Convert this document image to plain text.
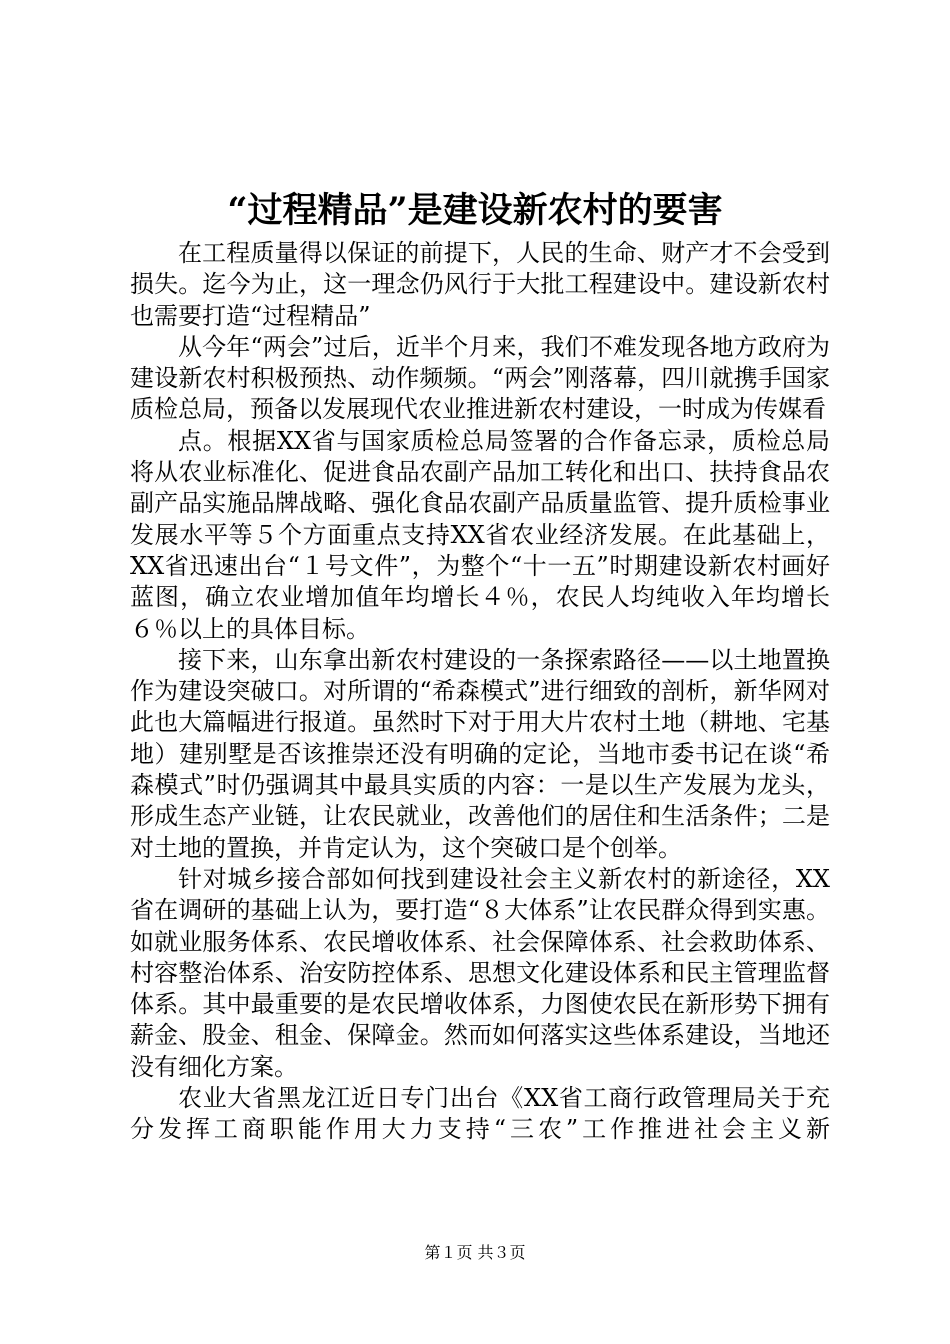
“过程精品”是建设新农村的要害

在工程质量得以保证的前提下，人民的生命、财产才不会受到损失。迄今为止，这一理念仍风行于大批工程建设中。建设新农村也需要打造“过程精品”

从今年“两会”过后，近半个月来，我们不难发现各地方政府为建设新农村积极预热、动作频频。“两会”刚落幕，四川就携手国家质检总局，预备以发展现代农业推进新农村建设，一时成为传媒看

点。根据XX省与国家质检总局签署的合作备忘录，质检总局将从农业标准化、促进食品农副产品加工转化和出口、扶持食品农副产品实施品牌战略、强化食品农副产品质量监管、提升质检事业发展水平等５个方面重点支持XX省农业经济发展。在此基础上，XX省迅速出台“１号文件”，为整个“十一五”时期建设新农村画好蓝图，确立农业增加值年均增长４％，农民人均纯收入年均增长６％以上的具体目标。

接下来，山东拿出新农村建设的一条探索路径——以土地置换作为建设突破口。对所谓的“希森模式”进行细致的剖析，新华网对此也大篇幅进行报道。虽然时下对于用大片农村土地（耕地、宅基地）建别墅是否该推崇还没有明确的定论，当地市委书记在谈“希森模式”时仍强调其中最具实质的内容：一是以生产发展为龙头，形成生态产业链，让农民就业，改善他们的居住和生活条件；二是对土地的置换，并肯定认为，这个突破口是个创举。

针对城乡接合部如何找到建设社会主义新农村的新途径，XX省在调研的基础上认为，要打造“８大体系”让农民群众得到实惠。如就业服务体系、农民增收体系、社会保障体系、社会救助体系、村容整治体系、治安防控体系、思想文化建设体系和民主管理监督体系。其中最重要的是农民增收体系，力图使农民在新形势下拥有薪金、股金、租金、保障金。然而如何落实这些体系建设，当地还没有细化方案。

农业大省黑龙江近日专门出台《XX省工商行政管理局关于充分发挥工商职能作用大力支持“三农”工作推进社会主义新

第１页 共３页
